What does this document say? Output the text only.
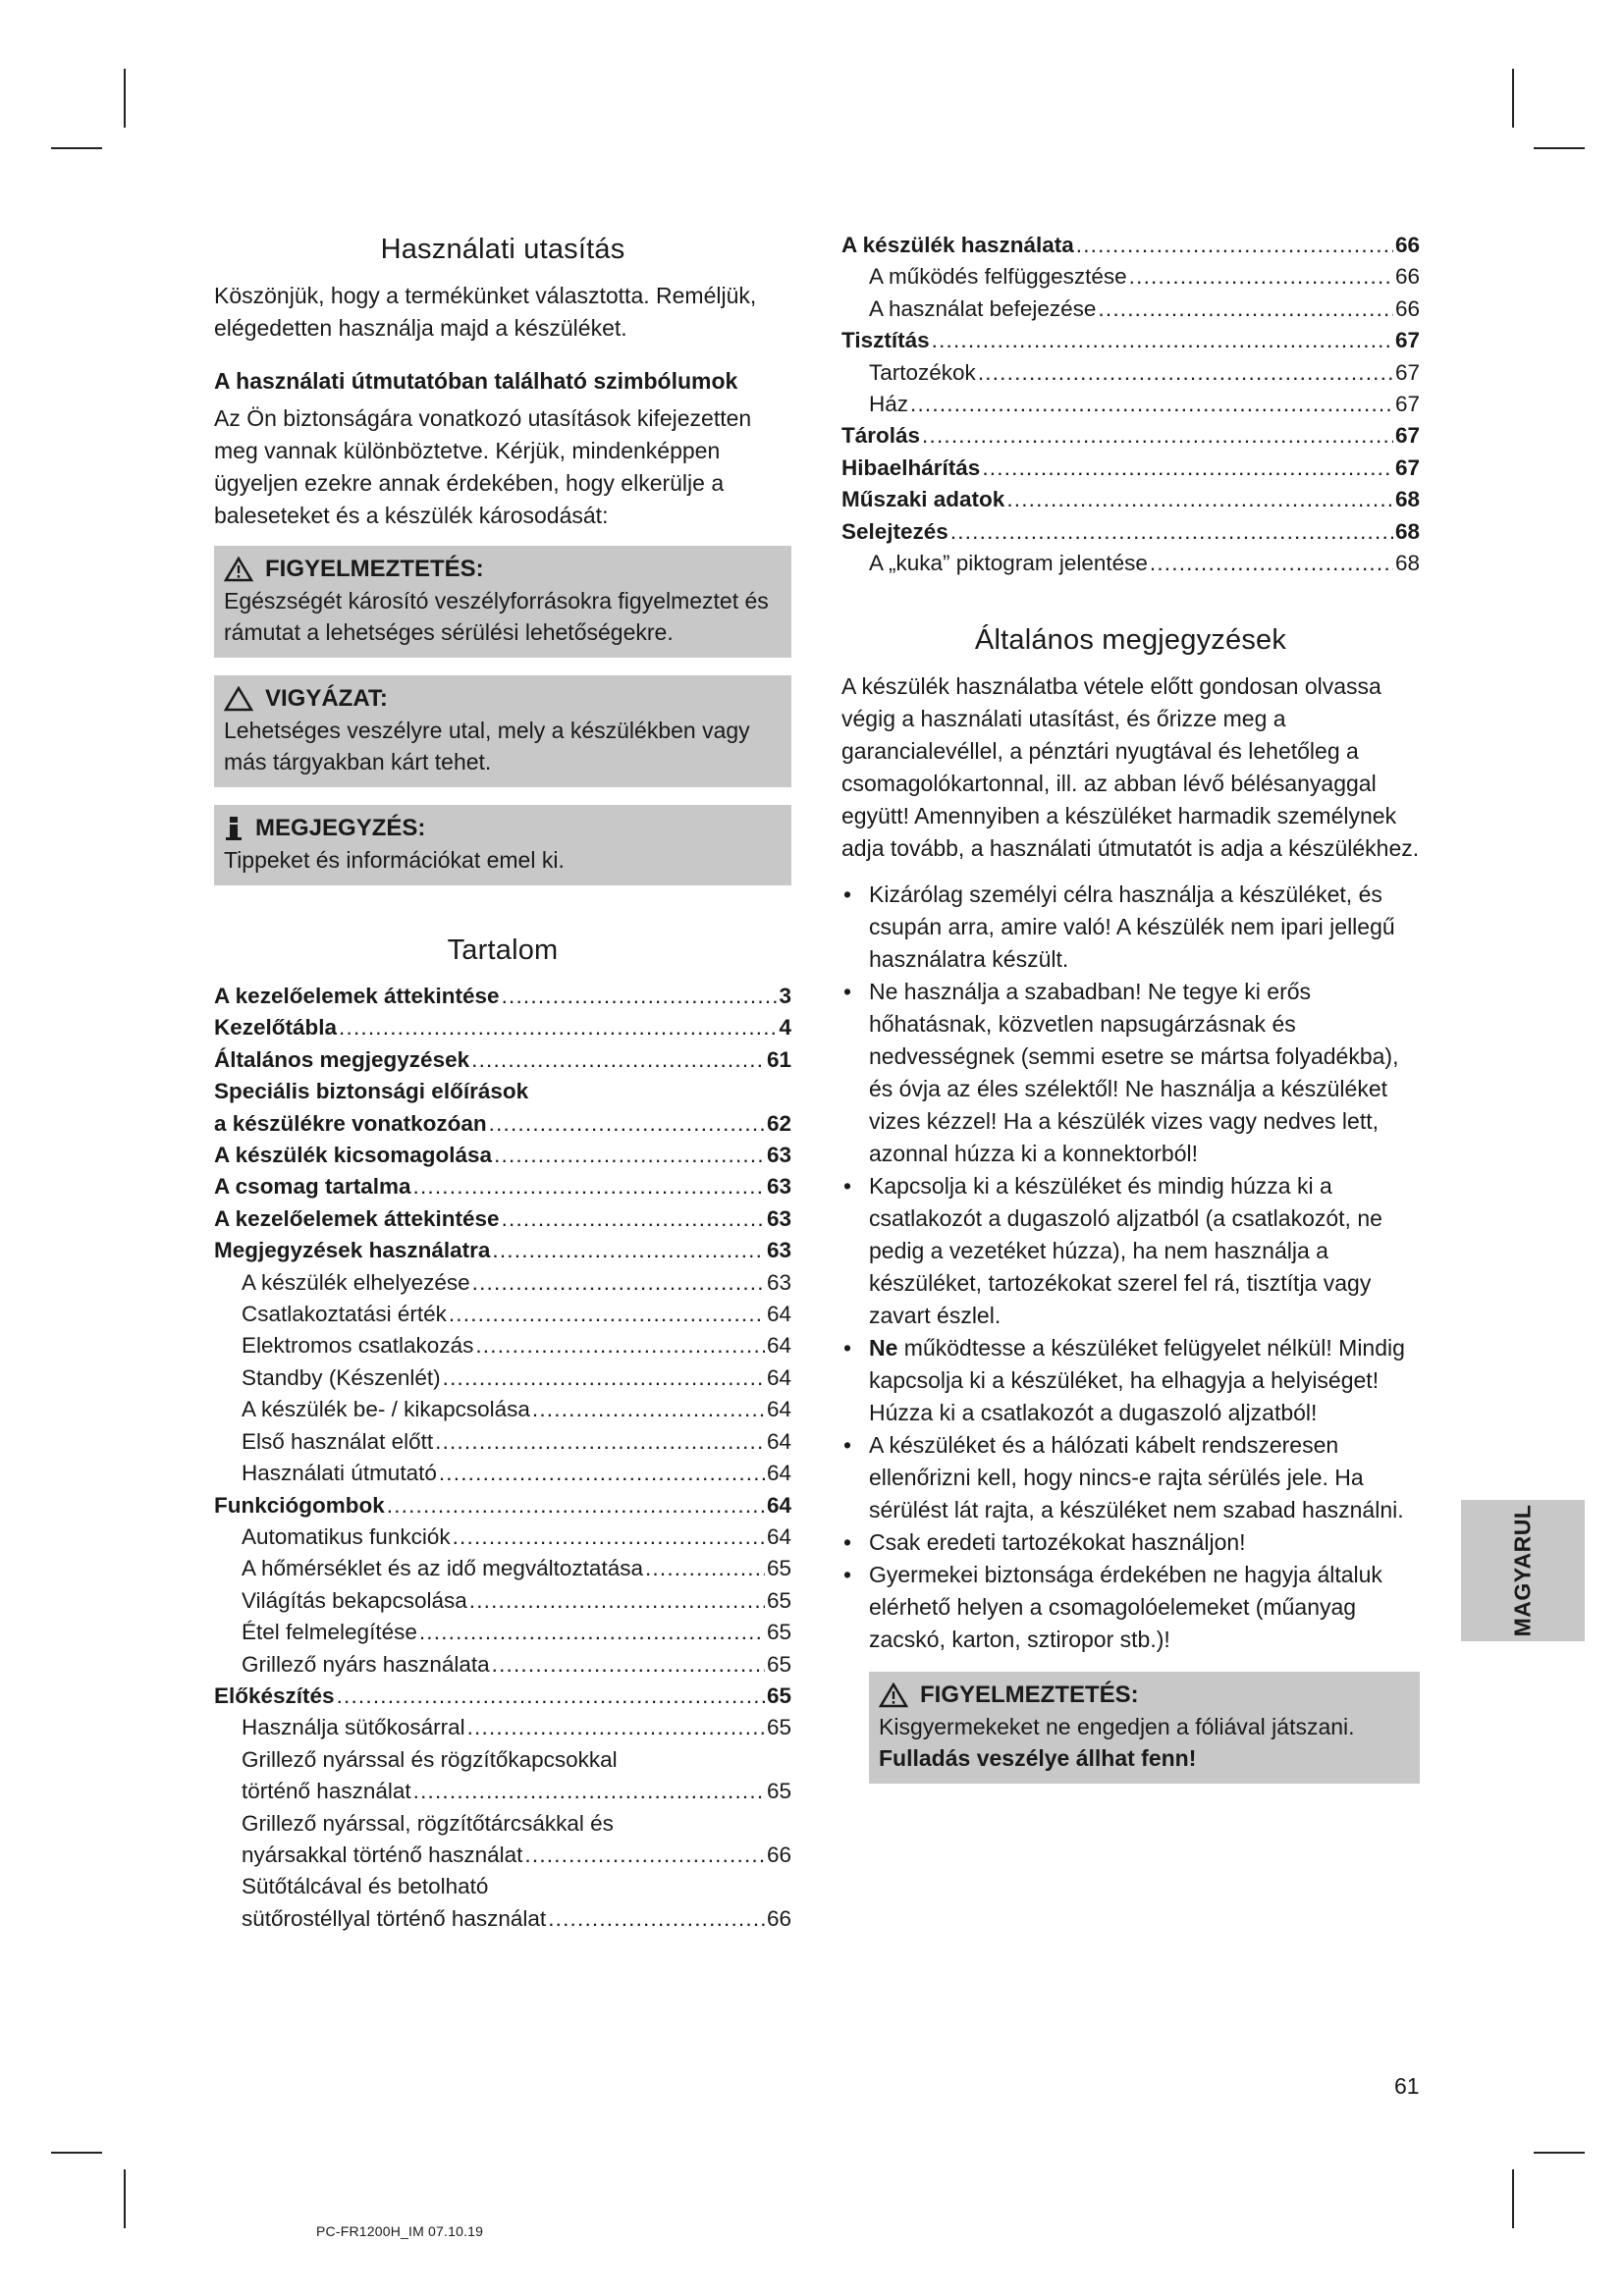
Használati utasítás

Köszönjük, hogy a termékünket választotta. Reméljük, elégedetten használja majd a készüléket.

A használati útmutatóban található szimbólumok

Az Ön biztonságára vonatkozó utasítások kifejezetten meg vannak különböztetve. Kérjük, mindenképpen ügyeljen ezekre annak érdekében, hogy elkerülje a baleseteket és a készülék károsodását:

FIGYELMEZTETÉS:
Egészségét károsító veszélyforrásokra figyelmeztet és rámutat a lehetséges sérülési lehetőségekre.
VIGYÁZAT:
Lehetséges veszélyre utal, mely a készülékben vagy más tárgyakban kárt tehet.
MEGJEGYZÉS:
Tippeket és információkat emel ki.
Tartalom
A kezelőelemek áttekintése .....	3
Kezelőtábla .....	4
Általános megjegyzések .....	61
Speciális biztonsági előírások
a készülékre vonatkozóan .....	62
A készülék kicsomagolása .....	63
A csomag tartalma .....	63
A kezelőelemek áttekintése .....	63
Megjegyzések használatra .....	63
A készülék elhelyezése .....	63
Csatlakoztatási érték .....	64
Elektromos csatlakozás .....	64
Standby (Készenlét) .....	64
A készülék be- / kikapcsolása .....	64
Első használat előtt .....	64
Használati útmutató .....	64
Funkciógombok .....	64
Automatikus funkciók .....	64
A hőmérséklet és az idő megváltoztatása .....	65
Világítás bekapcsolása .....	65
Étel felmelegítése .....	65
Grillező nyárs használata .....	65
Előkészítés .....	65
Használja sütőkosárral .....	65
Grillező nyárssal és rögzítőkapcsokkal
történő használat .....	65
Grillező nyárssal, rögzítőtárcsákkal és
nyársakkal történő használat .....	66
Sütőtálcával és betolható
sütőrostéllyal történő használat .....	66
A készülék használata .....	66
A működés felfüggesztése .....	66
A használat befejezése .....	66
Tisztítás .....	67
Tartozékok .....	67
Ház .....	67
Tárolás .....	67
Hibaelhárítás .....	67
Műszaki adatok .....	68
Selejtezés .....	68
A „kuka” piktogram jelentése .....	68
Általános megjegyzések

A készülék használatba vétele előtt gondosan olvassa végig a használati utasítást, és őrizze meg a garancialevéllel, a pénztári nyugtával és lehetőleg a csomagolókartonnal, ill. az abban lévő bélésanyaggal együtt! Amennyiben a készüléket harmadik személynek adja tovább, a használati útmutatót is adja a készülékhez.

• Kizárólag személyi célra használja a készüléket, és csupán arra, amire való! A készülék nem ipari jellegű használatra készült.
• Ne használja a szabadban! Ne tegye ki erős hőhatásnak, közvetlen napsugárzásnak és nedvességnek (semmi esetre se mártsa folyadékba), és óvja az éles szélektől! Ne használja a készüléket vizes kézzel! Ha a készülék vizes vagy nedves lett, azonnal húzza ki a konnektorból!
• Kapcsolja ki a készüléket és mindig húzza ki a csatlakozót a dugaszoló aljzatból (a csatlakozót, ne pedig a vezetéket húzza), ha nem használja a készüléket, tartozékokat szerel fel rá, tisztítja vagy zavart észlel.
• Ne működtesse a készüléket felügyelet nélkül! Mindig kapcsolja ki a készüléket, ha elhagyja a helyiséget! Húzza ki a csatlakozót a dugaszoló aljzatból!
• A készüléket és a hálózati kábelt rendszeresen ellenőrizni kell, hogy nincs-e rajta sérülés jele. Ha sérülést lát rajta, a készüléket nem szabad használni.
• Csak eredeti tartozékokat használjon!
• Gyermekei biztonsága érdekében ne hagyja általuk elérhető helyen a csomagolóelemeket (műanyag zacskó, karton, sztiropor stb.)!
FIGYELMEZTETÉS:
Kisgyermekeket ne engedjen a fóliával játszani.
Fulladás veszélye állhat fenn!
MAGYARUL
61
PC-FR1200H_IM 07.10.19
